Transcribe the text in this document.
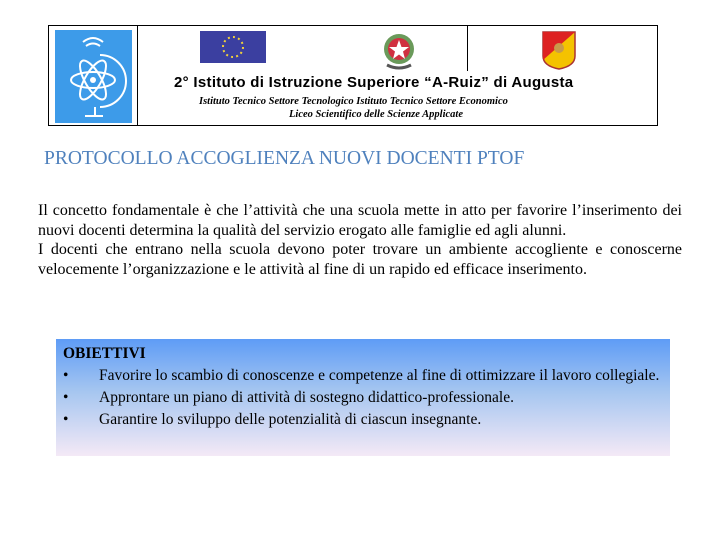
2° Istituto di Istruzione Superiore “A-Ruiz” di Augusta
Istituto Tecnico Settore Tecnologico Istituto Tecnico Settore Economico
Liceo Scientifico delle Scienze Applicate
PROTOCOLLO ACCOGLIENZA NUOVI DOCENTI PTOF

Il concetto fondamentale è che l’attività che una scuola mette in atto per favorire l’inserimento dei nuovi docenti determina la qualità del servizio erogato alle famiglie ed agli alunni.

I docenti che entrano nella scuola devono poter trovare un ambiente accogliente e conoscerne velocemente l’organizzazione e le attività al fine di un rapido ed efficace inserimento.

OBIETTIVI
•	Favorire lo scambio di conoscenze e competenze al fine di ottimizzare il lavoro collegiale.
•	Approntare un piano di attività di sostegno didattico-professionale.
•	Garantire lo sviluppo delle potenzialità di ciascun insegnante.
